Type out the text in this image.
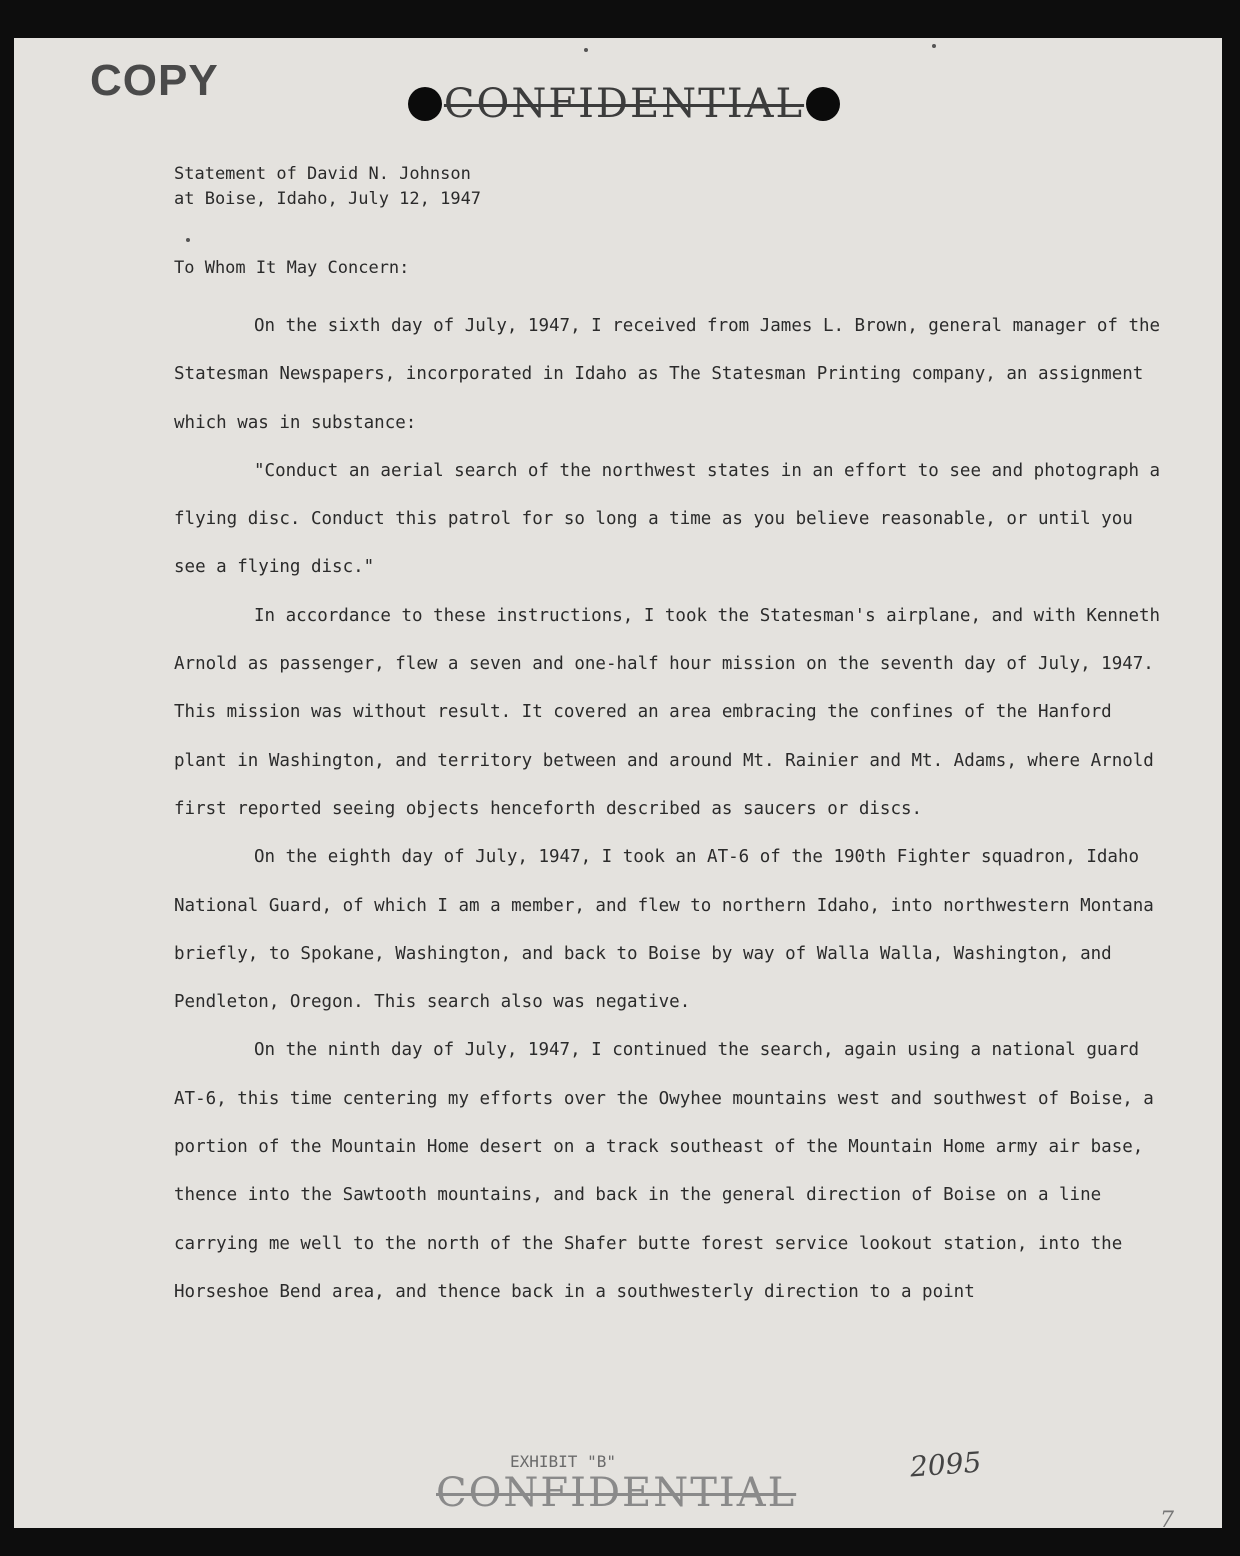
COPY	CONFIDENTIAL
Statement of David N. Johnson
at Boise, Idaho, July 12, 1947
To Whom It May Concern:

On the sixth day of July, 1947, I received from James L. Brown, general manager of the Statesman Newspapers, incorporated in Idaho as The Statesman Printing company, an assignment which was in substance:

"Conduct an aerial search of the northwest states in an effort to see and photograph a flying disc. Conduct this patrol for so long a time as you believe reasonable, or until you see a flying disc."

In accordance to these instructions, I took the Statesman's airplane, and with Kenneth Arnold as passenger, flew a seven and one-half hour mission on the seventh day of July, 1947. This mission was without result. It covered an area embracing the confines of the Hanford plant in Washington, and territory between and around Mt. Rainier and Mt. Adams, where Arnold first reported seeing objects henceforth described as saucers or discs.

On the eighth day of July, 1947, I took an AT-6 of the 190th Fighter squadron, Idaho National Guard, of which I am a member, and flew to northern Idaho, into northwestern Montana briefly, to Spokane, Washington, and back to Boise by way of Walla Walla, Washington, and Pendleton, Oregon. This search also was negative.

On the ninth day of July, 1947, I continued the search, again using a national guard AT-6, this time centering my efforts over the Owyhee mountains west and southwest of Boise, a portion of the Mountain Home desert on a track southeast of the Mountain Home army air base, thence into the Sawtooth mountains, and back in the general direction of Boise on a line carrying me well to the north of the Shafer butte forest service lookout station, into the Horseshoe Bend area, and thence back in a southwesterly direction to a point

EXHIBIT "B"
CONFIDENTIAL
2095
7
